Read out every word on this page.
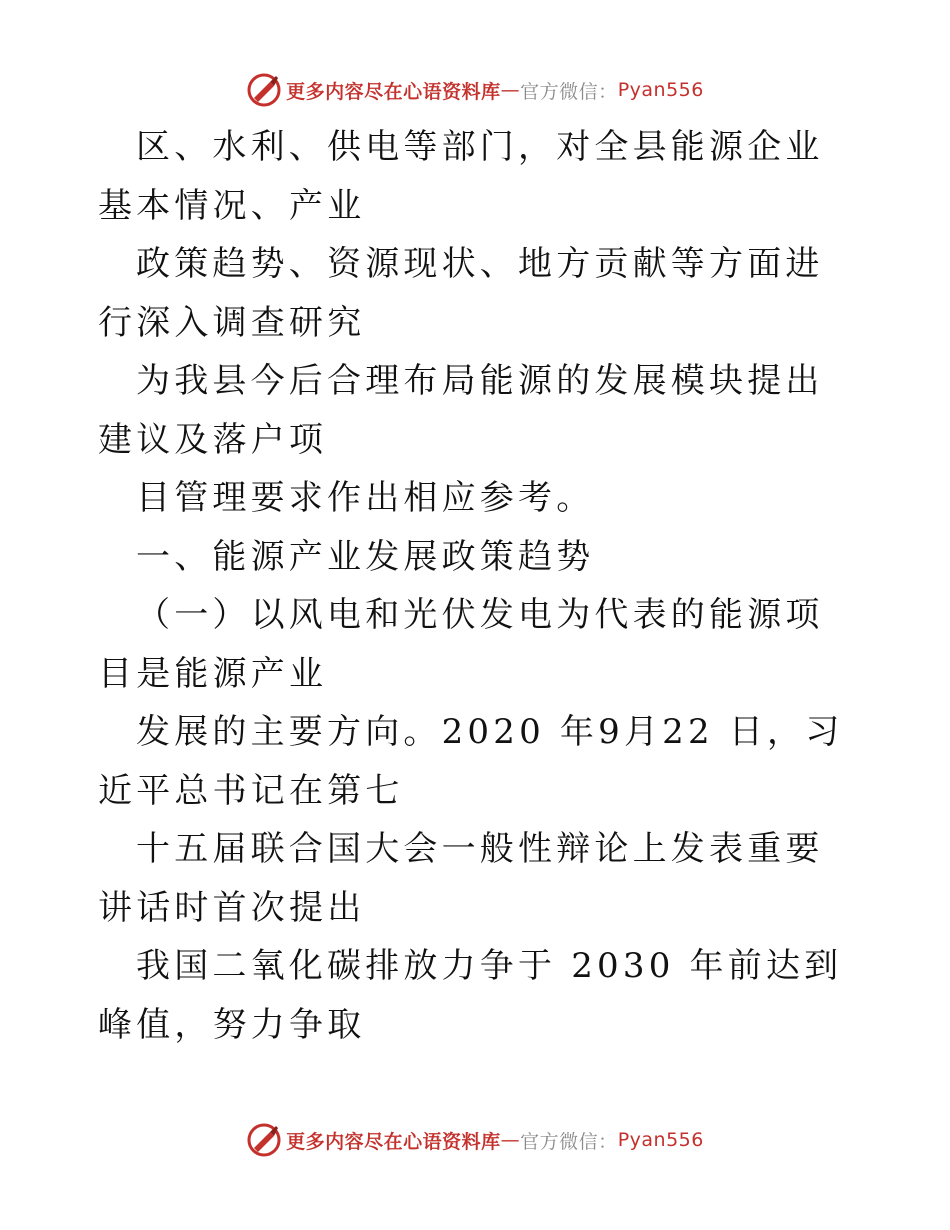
更多内容尽在心语资料库 — 官方微信： Pyan556

区、水利、供电等部门，对全县能源企业基本情况、产业

政策趋势、资源现状、地方贡献等方面进行深入调查研究

为我县今后合理布局能源的发展模块提出建议及落户项

目管理要求作出相应参考。

一、能源产业发展政策趋势

（一）以风电和光伏发电为代表的能源项目是能源产业

发展的主要方向。2020 年9月22 日，习近平总书记在第七

十五届联合国大会一般性辩论上发表重要讲话时首次提出

我国二氧化碳排放力争于 2030 年前达到峰值，努力争取

更多内容尽在心语资料库 — 官方微信： Pyan556
